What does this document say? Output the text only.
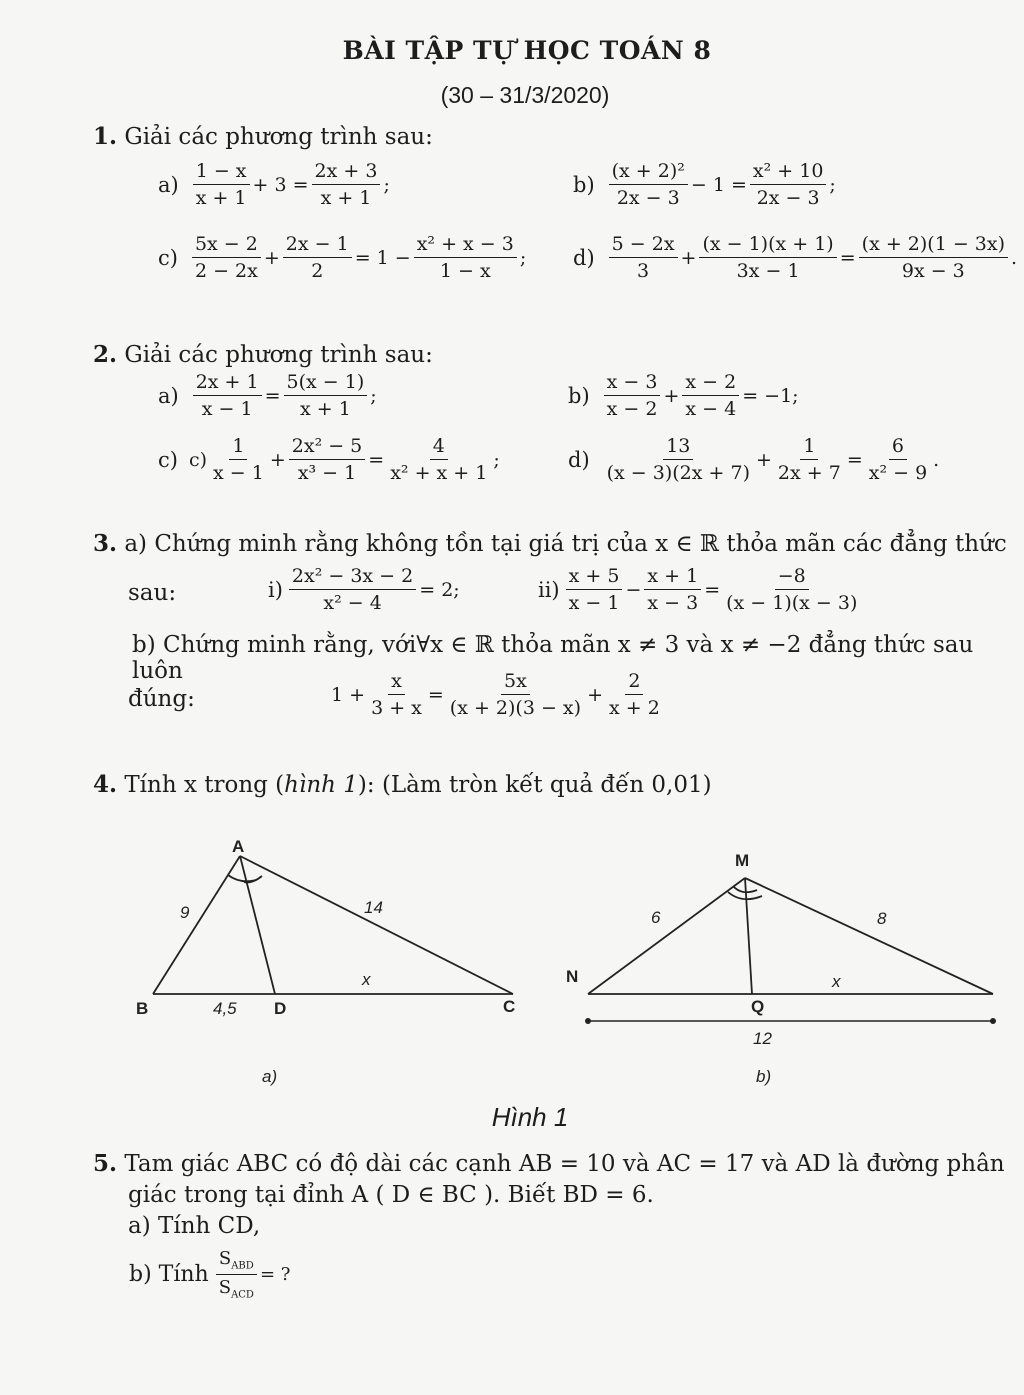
BÀI TẬP TỰ HỌC TOÁN 8
(30 – 31/3/2020)
1. Giải các phương trình sau:
$a) \frac{1 - x}{x + 1} + 3 = \frac{2x + 3}{x + 1}$ ;	$b) \frac{\text{(x + 2)²}}{2x - 3} - 1 = \frac{\text{x² + 10}}{2x - 3}$ ;
$c) \frac{5x - 2}{2 - 2x} + \frac{2x - 1}{2} = 1 - \frac{\text{x² + x − 3}}{1 - x}$ ; $d) \frac{5 - 2x}{3} + \frac{(x - 1)(x + 1)}{3x - 1} = \frac{(x + 2)(1 - 3x)}{9x - 3}$ .
2. Giải các phương trình sau:
$a) \frac{2x + 1}{x - 1} = \frac{5(x - 1)}{x + 1}$ ;	$b) \frac{x - 3}{x - 2} + \frac{x - 2}{x - 4} = -1$;
c) $c) \frac{1}{x - 1} + \frac{\text{2x² − 5}}{\text{x³ − 1}} = \frac{4}{\text{x² + x + 1}}$ ;	$d) \frac{13}{(x - 3)(2x + 7)} + \frac{1}{2x + 7} = \frac{6}{\text{x² − 9}}$ .
3. a) Chứng minh rằng không tồn tại giá trị của x ∈ ℝ thỏa mãn các đẳng thức
sau:	$i) \frac{\text{2x² − 3x − 2}}{\text{x² − 4}} = 2$;	$ii) \frac{x + 5}{x - 1} - \frac{x + 1}{x - 3} = \frac{-8}{(x - 1)(x - 3)}$
b) Chứng minh rằng, với∀x ∈ ℝ thỏa mãn x ≠ 3 và x ≠ −2 đẳng thức sau luôn
đúng:	$1 + \frac{x}{3 + x} = \frac{5x}{(x + 2)(3 - x)} + \frac{2}{x + 2}$
4. Tính x trong (hình 1): (Làm tròn kết quả đến 0,01)
A
B	C
D
9	14
4,5
x
a)
M
N
Q
6	8
x
12
b)
Hình 1
5. Tam giác ABC có độ dài các cạnh AB = 10 và AC = 17 và AD là đường phân
giác trong tại đỉnh A ( D ∈ BC ). Biết BD = 6.
a) Tính CD,
b) Tính $\frac{S_{ABD}}{S_{ACD}}$ = ?
